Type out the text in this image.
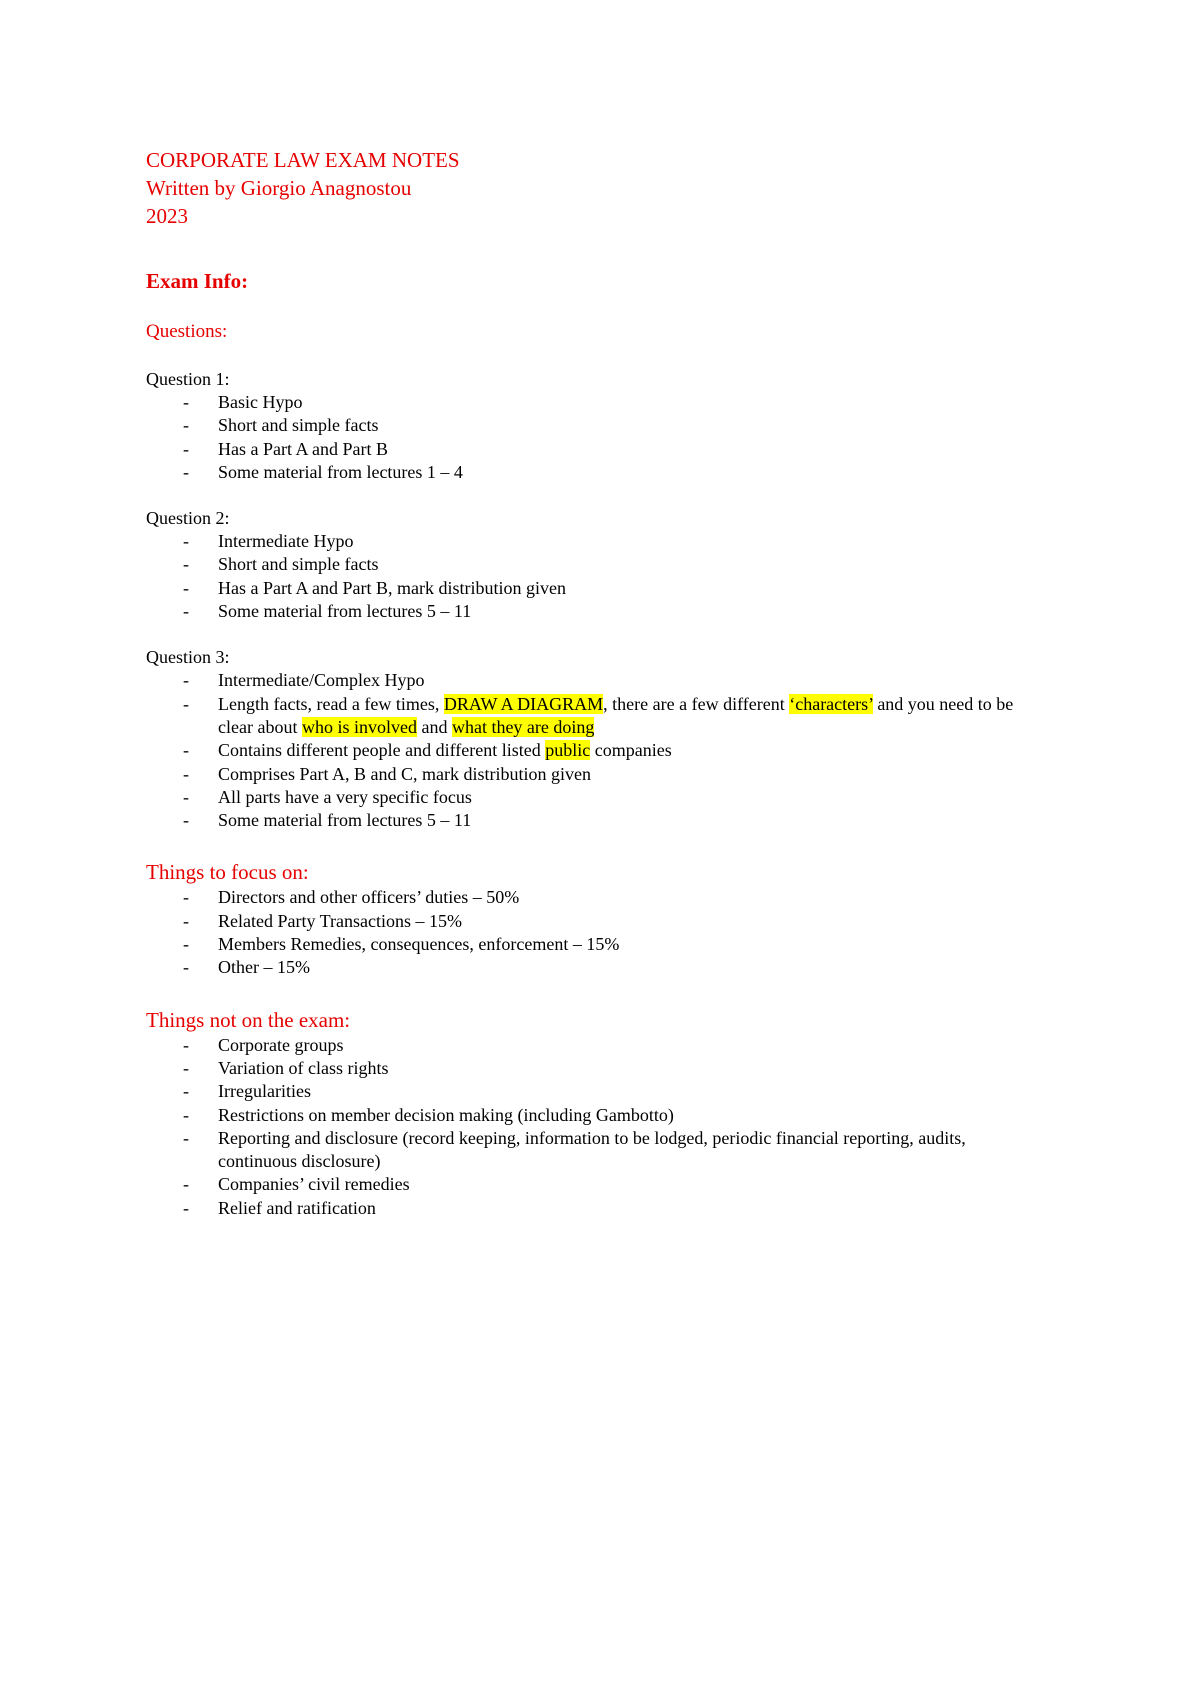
CORPORATE LAW EXAM NOTES
Written by Giorgio Anagnostou
2023
Exam Info:
Questions:
Question 1:
- Basic Hypo
- Short and simple facts
- Has a Part A and Part B
- Some material from lectures 1 – 4
Question 2:
- Intermediate Hypo
- Short and simple facts
- Has a Part A and Part B, mark distribution given
- Some material from lectures 5 – 11
Question 3:
- Intermediate/Complex Hypo
- Length facts, read a few times, DRAW A DIAGRAM, there are a few different ‘characters’ and you need to be clear about who is involved and what they are doing
- Contains different people and different listed public companies
- Comprises Part A, B and C, mark distribution given
- All parts have a very specific focus
- Some material from lectures 5 – 11
Things to focus on:
- Directors and other officers’ duties – 50%
- Related Party Transactions – 15%
- Members Remedies, consequences, enforcement – 15%
- Other – 15%
Things not on the exam:
- Corporate groups
- Variation of class rights
- Irregularities
- Restrictions on member decision making (including Gambotto)
- Reporting and disclosure (record keeping, information to be lodged, periodic financial reporting, audits, continuous disclosure)
- Companies’ civil remedies
- Relief and ratification
